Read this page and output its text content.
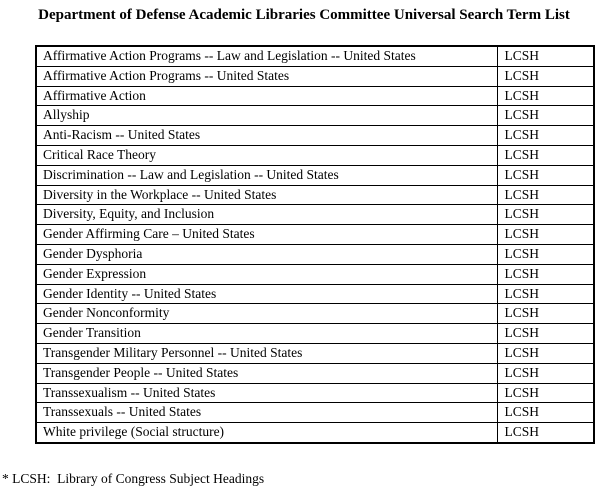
Department of Defense Academic Libraries Committee Universal Search Term List
Affirmative Action Programs -- Law and Legislation -- United States	LCSH
Affirmative Action Programs -- United States	LCSH
Affirmative Action	LCSH
Allyship	LCSH
Anti-Racism -- United States	LCSH
Critical Race Theory	LCSH
Discrimination -- Law and Legislation -- United States	LCSH
Diversity in the Workplace -- United States	LCSH
Diversity, Equity, and Inclusion	LCSH
Gender Affirming Care – United States	LCSH
Gender Dysphoria	LCSH
Gender Expression	LCSH
Gender Identity -- United States	LCSH
Gender Nonconformity	LCSH
Gender Transition	LCSH
Transgender Military Personnel -- United States	LCSH
Transgender People -- United States	LCSH
Transsexualism -- United States	LCSH
Transsexuals -- United States	LCSH
White privilege (Social structure)	LCSH
* LCSH:  Library of Congress Subject Headings
